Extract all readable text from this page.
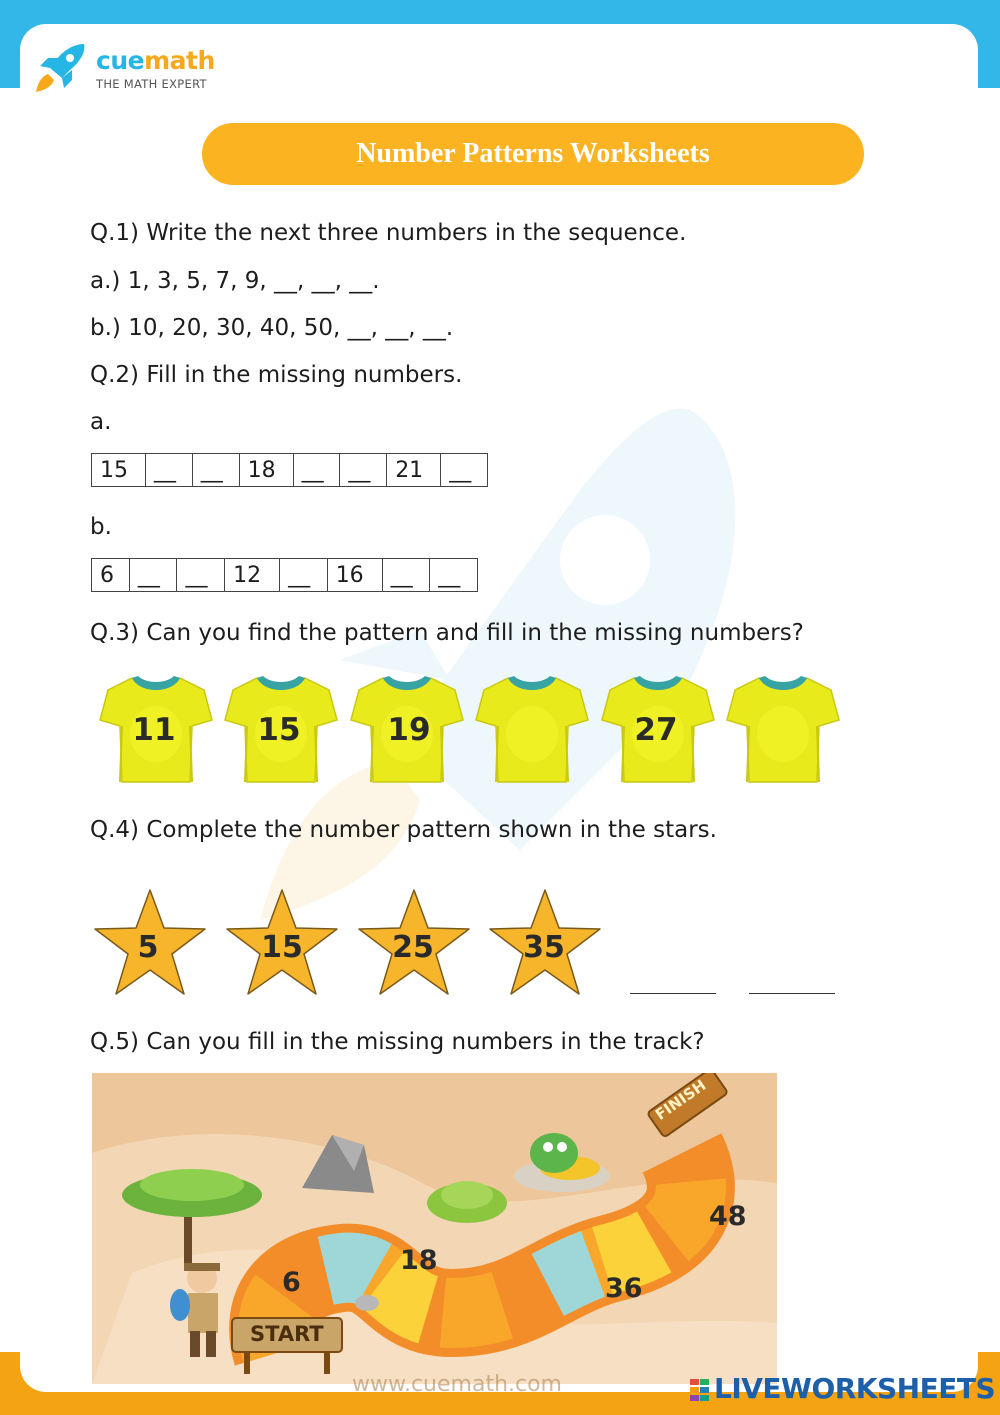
cuemath
THE MATH EXPERT
Number Patterns Worksheets
Q.1) Write the next three numbers in the sequence.
a.) 1, 3, 5, 7, 9, __, __, __.
b.) 10, 20, 30, 40, 50, __, __, __.
Q.2) Fill in the missing numbers.
a.
15	__	__	18	__	__	21	__
b.
6	__	__	12	__	16	__	__
Q.3) Can you find the pattern and fill in the missing numbers?
11	15	19	27
Q.4) Complete the number pattern shown in the stars.
5	15	25	35
Q.5) Can you fill in the missing numbers in the track?
6
18
36
48
START
FINISH
www.cuemath.com	LIVEWORKSHEETS
